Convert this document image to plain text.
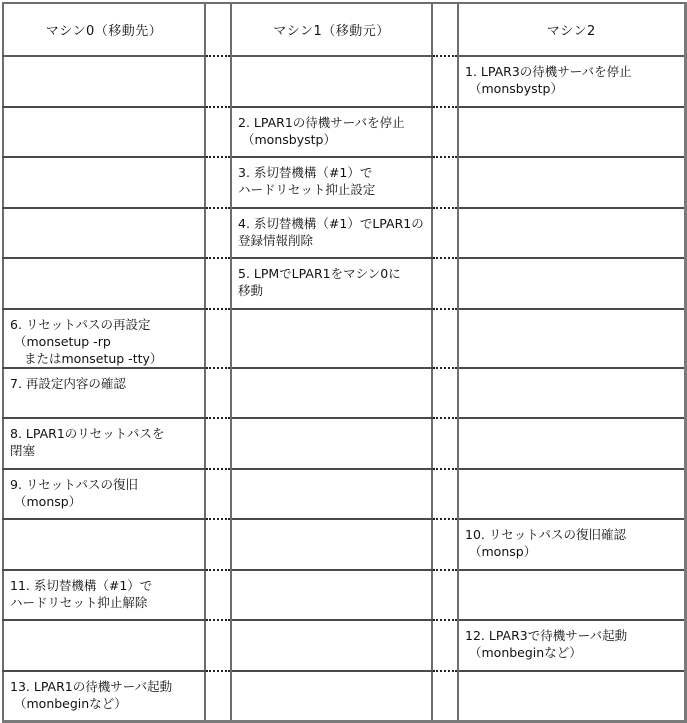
マシン0（移動先）		マシン1（移動元）		マシン2

				1. LPAR3の待機サーバを停止
（monsbystp）

		2. LPAR1の待機サーバを停止
（monsbystp）		

		3. 系切替機構（#1）で
ハードリセット抑止設定		

		4. 系切替機構（#1）でLPAR1の
登録情報削除		

		5. LPMでLPAR1をマシン0に
移動		

6. リセットパスの再設定
（monsetup -rp
またはmonsetup -tty）				

7. 再設定内容の確認				

8. LPAR1のリセットパスを
閉塞				

9. リセットパスの復旧
（monsp）				

				10. リセットパスの復旧確認
（monsp）

11. 系切替機構（#1）で
ハードリセット抑止解除				

				12. LPAR3で待機サーバ起動
（monbeginなど）

13. LPAR1の待機サーバ起動
（monbeginなど）				
